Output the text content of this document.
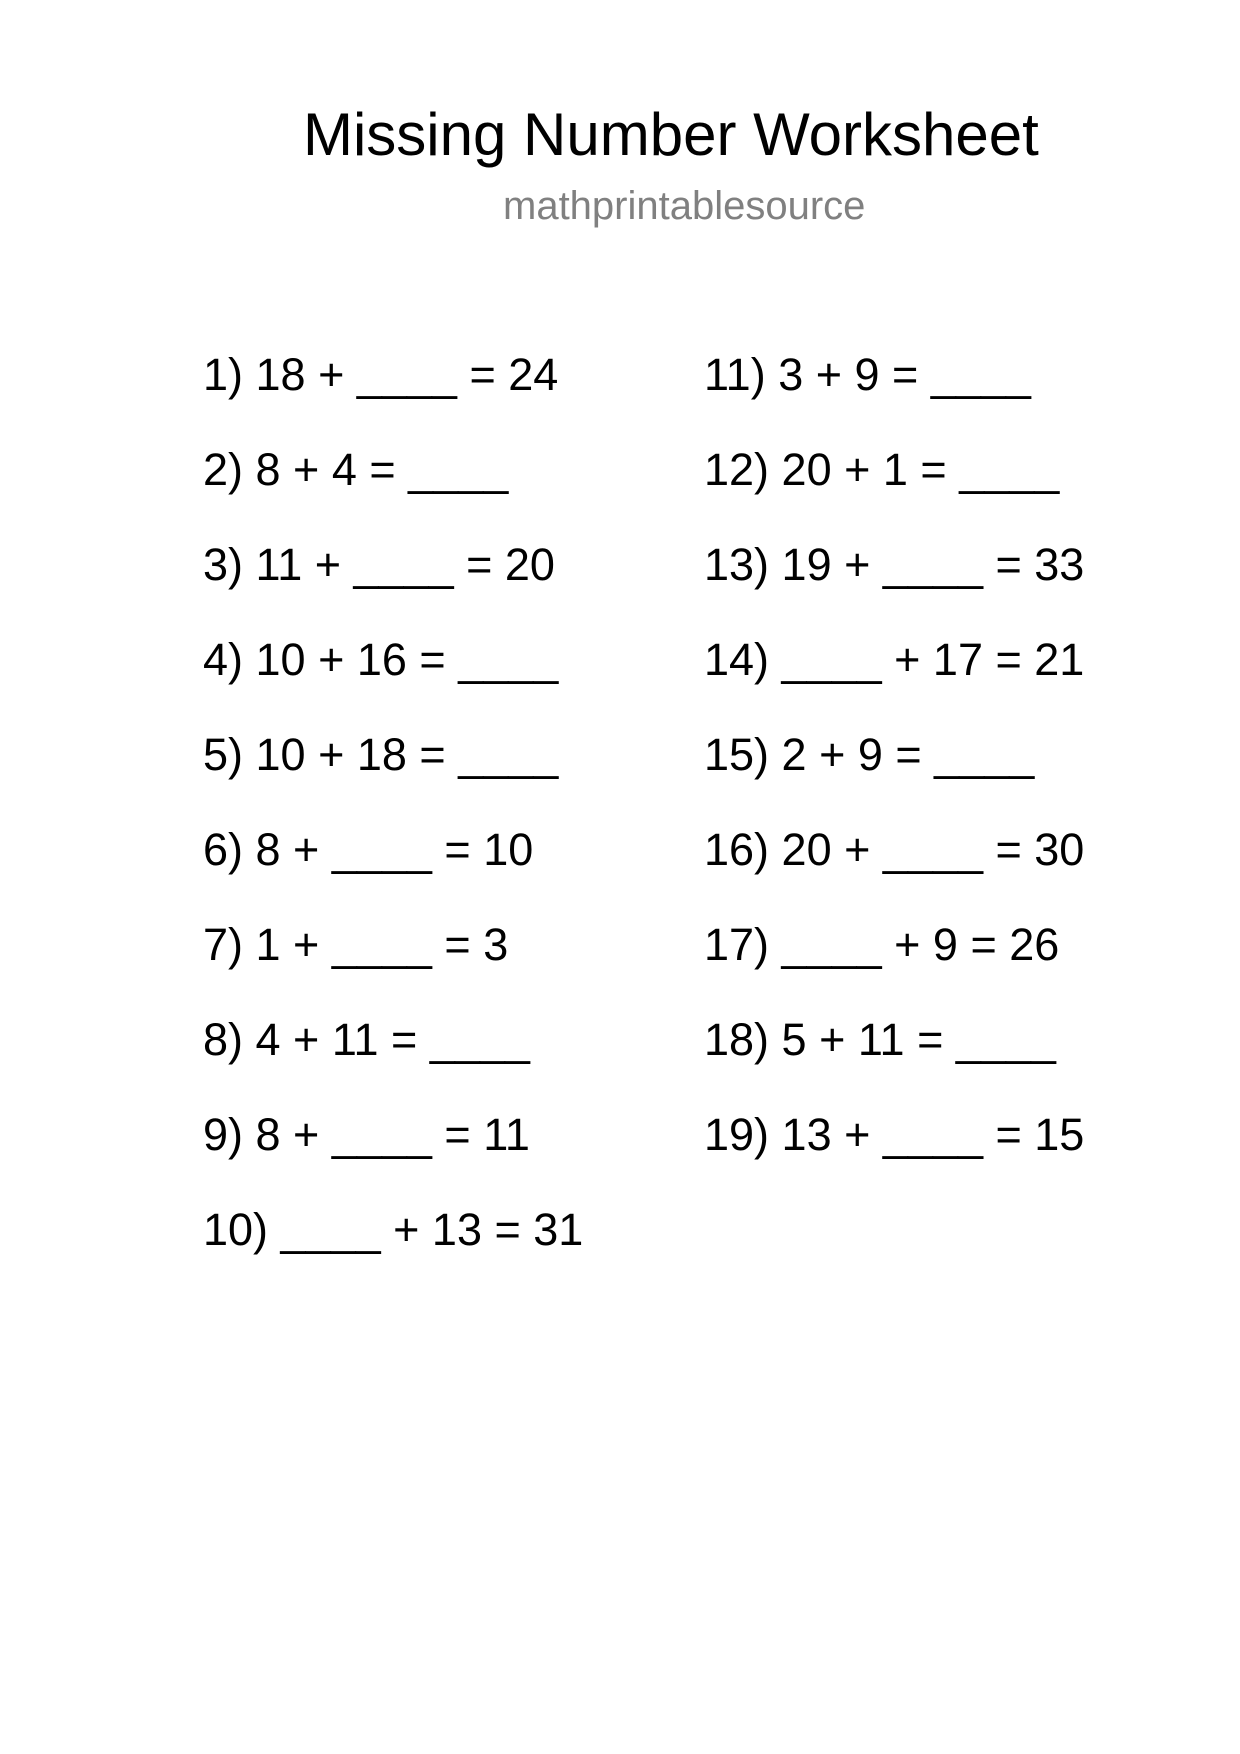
Missing Number Worksheet
mathprintablesource
1) 18 + ____ = 24
2) 8 + 4 = ____
3) 11 + ____ = 20
4) 10 + 16 = ____
5) 10 + 18 = ____
6) 8 + ____ = 10
7) 1 + ____ = 3
8) 4 + 11 = ____
9) 8 + ____ = 11
10) ____ + 13 = 31
11) 3 + 9 = ____
12) 20 + 1 = ____
13) 19 + ____ = 33
14) ____ + 17 = 21
15) 2 + 9 = ____
16) 20 + ____ = 30
17) ____ + 9 = 26
18) 5 + 11 = ____
19) 13 + ____ = 15
